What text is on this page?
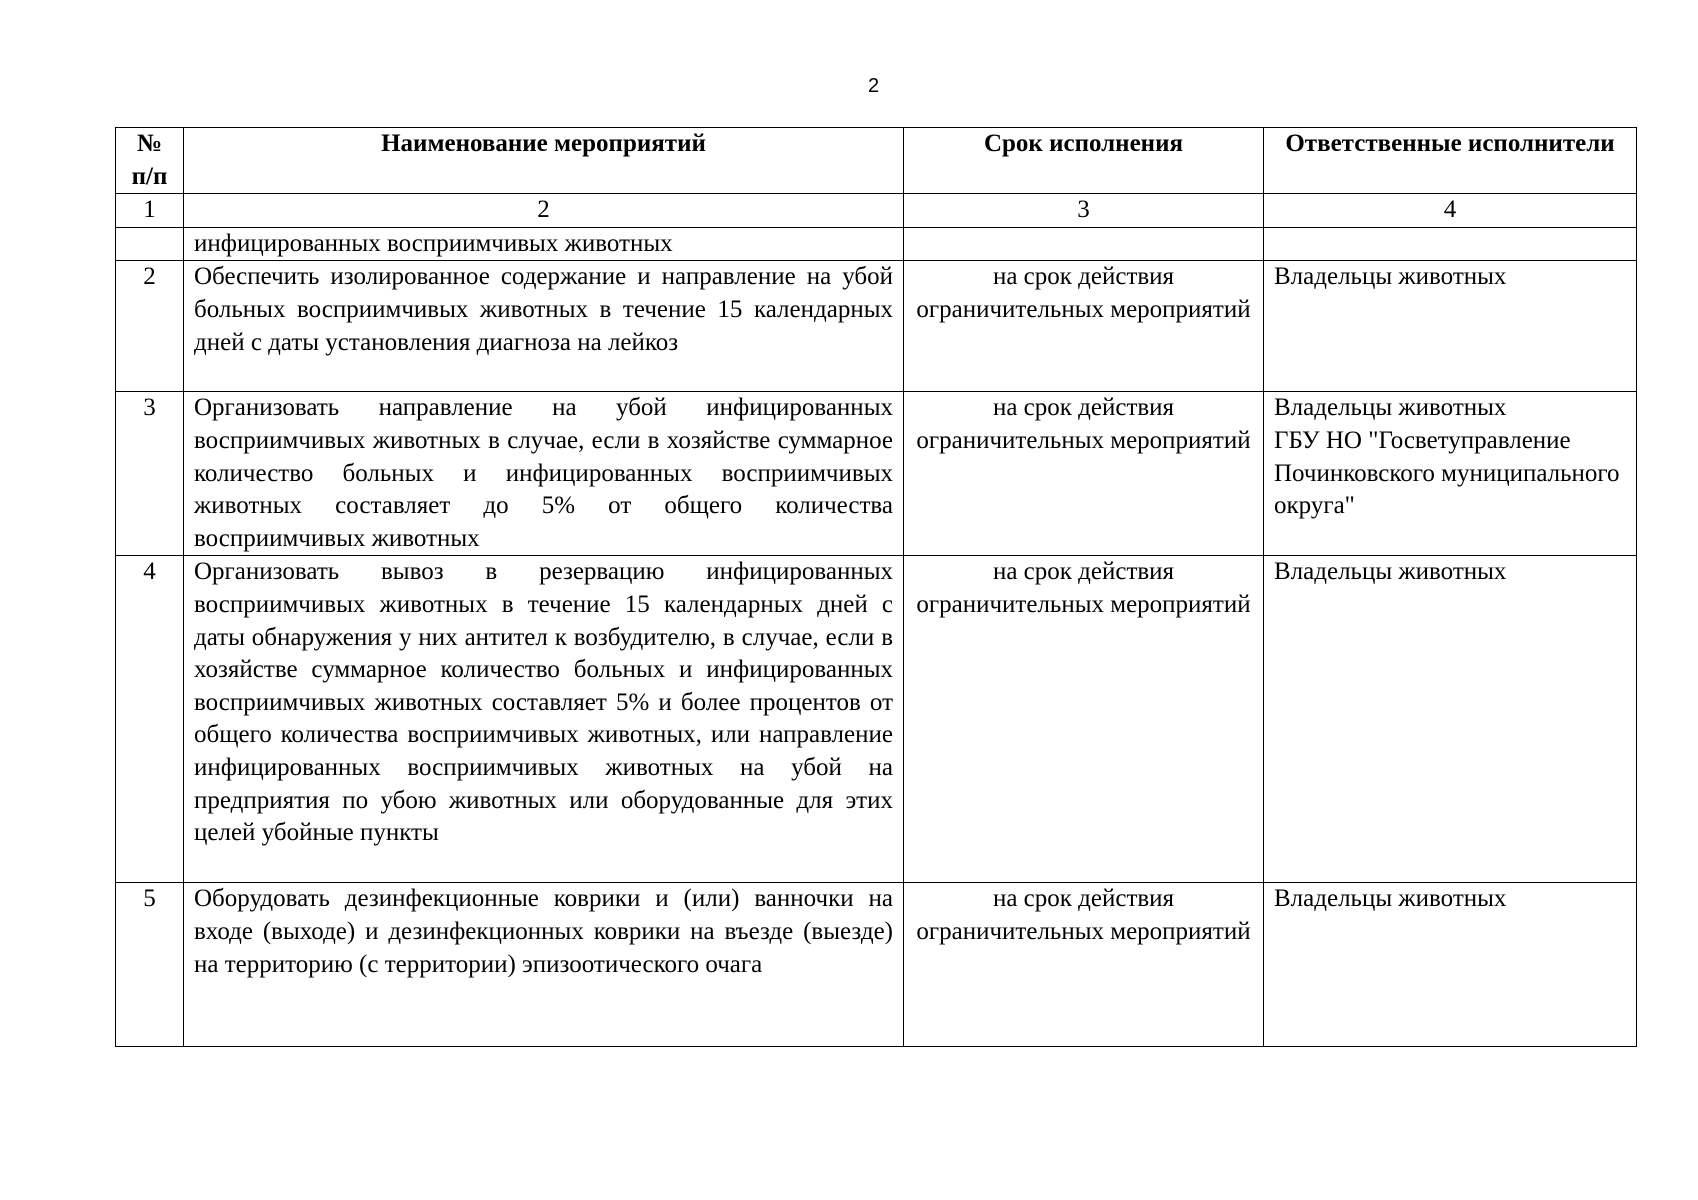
2
№ п/п	Наименование мероприятий	Срок исполнения	Ответственные исполнители
1	2	3	4
	инфицированных восприимчивых животных		
2	Обеспечить изолированное содержание и направление на убой больных восприимчивых животных в течение 15 календарных дней с даты установления диагноза на лейкоз	на срок действия ограничительных мероприятий	Владельцы животных

3	Организовать направление на убой инфицированных восприимчивых животных в случае, если в хозяйстве суммарное количество больных и инфицированных восприимчивых животных составляет до 5% от общего количества восприимчивых животных	на срок действия ограничительных мероприятий	Владельцы животных
ГБУ НО "Госветуправление Починковского муниципального округа"

4	Организовать вывоз в резервацию инфицированных восприимчивых животных в течение 15 календарных дней с даты обнаружения у них антител к возбудителю, в случае, если в хозяйстве суммарное количество больных и инфицированных восприимчивых животных составляет 5% и более процентов от общего количества восприимчивых животных, или направление инфицированных восприимчивых животных на убой на предприятия по убою животных или оборудованные для этих целей убойные пункты	на срок действия ограничительных мероприятий	Владельцы животных

5	Оборудовать дезинфекционные коврики и (или) ванночки на входе (выходе) и дезинфекционных коврики на въезде (выезде) на территорию (с территории) эпизоотического очага	на срок действия ограничительных мероприятий	Владельцы животных
